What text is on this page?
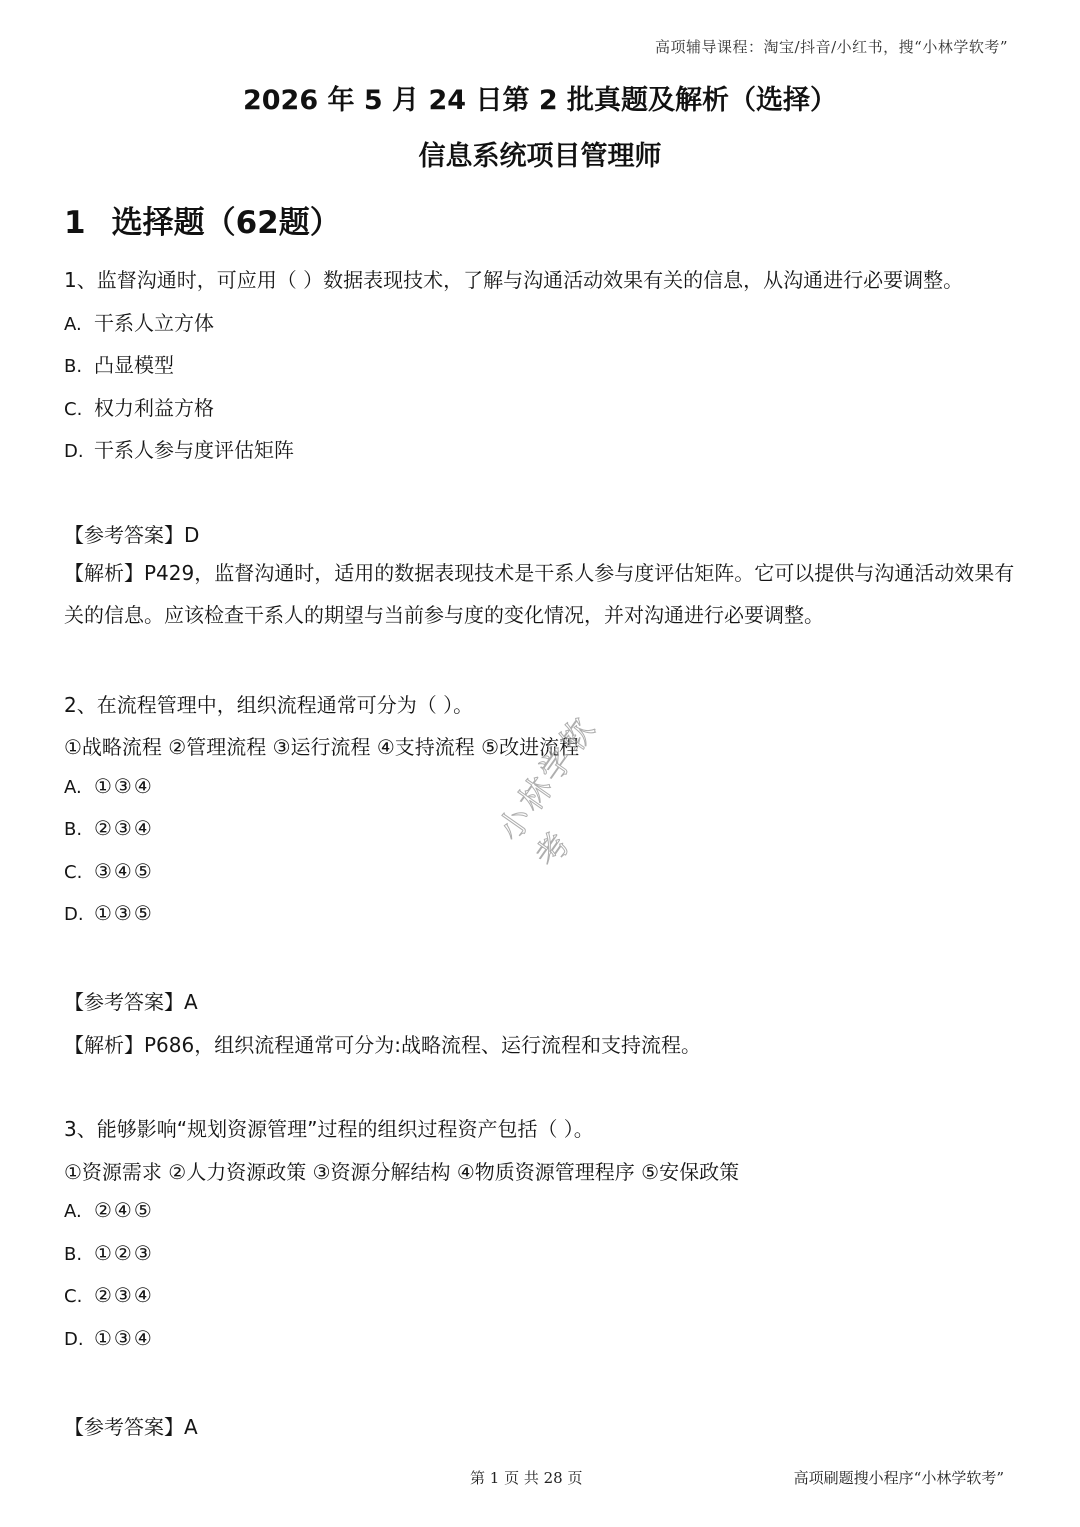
高项辅导课程：淘宝/抖音/小红书，搜“小林学软考”
2026 年 5 月 24 日第 2 批真题及解析（选择）
信息系统项目管理师
1 选择题（62题）
1、监督沟通时，可应用（ ）数据表现技术，了解与沟通活动效果有关的信息，从沟通进行必要调整。
A. 干系人立方体
B. 凸显模型
C. 权力利益方格
D. 干系人参与度评估矩阵
【参考答案】D
【解析】P429，监督沟通时，适用的数据表现技术是干系人参与度评估矩阵。它可以提供与沟通活动效果有关的信息。应该检查干系人的期望与当前参与度的变化情况，并对沟通进行必要调整。
2、在流程管理中，组织流程通常可分为（ ）。
①战略流程 ②管理流程 ③运行流程 ④支持流程 ⑤改进流程
A. ①③④
B. ②③④
C. ③④⑤
D. ①③⑤
【参考答案】A
【解析】P686，组织流程通常可分为:战略流程、运行流程和支持流程。
3、能够影响“规划资源管理”过程的组织过程资产包括（ ）。
①资源需求 ②人力资源政策 ③资源分解结构 ④物质资源管理程序 ⑤安保政策
A. ②④⑤
B. ①②③
C. ②③④
D. ①③④
【参考答案】A
小林学软考
第 1 页 共 28 页	高项刷题搜小程序“小林学软考”
